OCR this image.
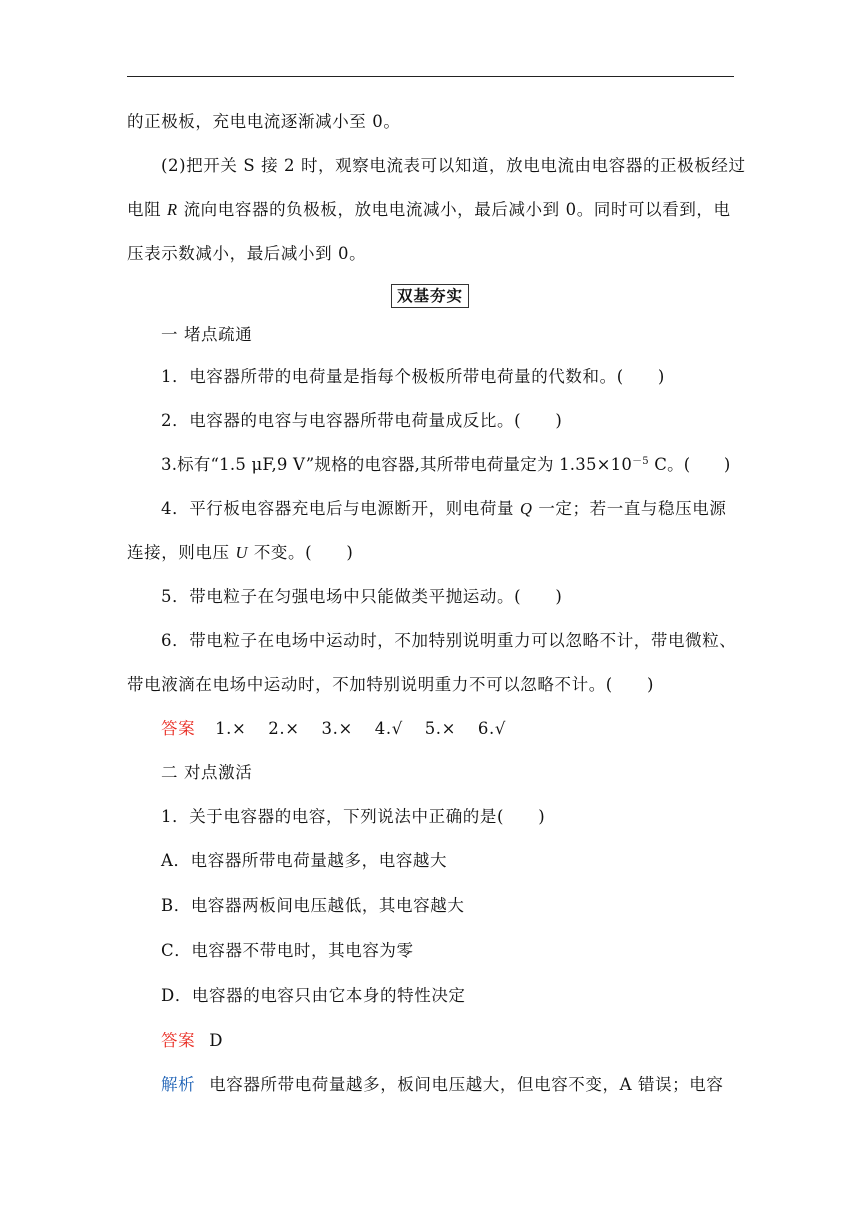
的正极板，充电电流逐渐减小至 0。
(2)把开关 S 接 2 时，观察电流表可以知道，放电电流由电容器的正极板经过
电阻 R 流向电容器的负极板，放电电流减小，最后减小到 0。同时可以看到，电
压表示数减小，最后减小到 0。
双基夯实
一 堵点疏通
1．电容器所带的电荷量是指每个极板所带电荷量的代数和。(　　)
2．电容器的电容与电容器所带电荷量成反比。(　　)
3.标有“1.5 μF,9 V”规格的电容器,其所带电荷量定为 $1.35\times 10^{-5}$ C。(　　)
4．平行板电容器充电后与电源断开，则电荷量 Q 一定；若一直与稳压电源
连接，则电压 U 不变。(　　)
5．带电粒子在匀强电场中只能做类平抛运动。(　　)
6．带电粒子在电场中运动时，不加特别说明重力可以忽略不计，带电微粒、
带电液滴在电场中运动时，不加特别说明重力不可以忽略不计。(　　)
答案 1.× 2.× 3.× 4.√ 5.× 6.√
二 对点激活
1．关于电容器的电容，下列说法中正确的是(　　)
A．电容器所带电荷量越多，电容越大
B．电容器两板间电压越低，其电容越大
C．电容器不带电时，其电容为零
D．电容器的电容只由它本身的特性决定
答案 D
解析 电容器所带电荷量越多，板间电压越大，但电容不变，A 错误；电容
